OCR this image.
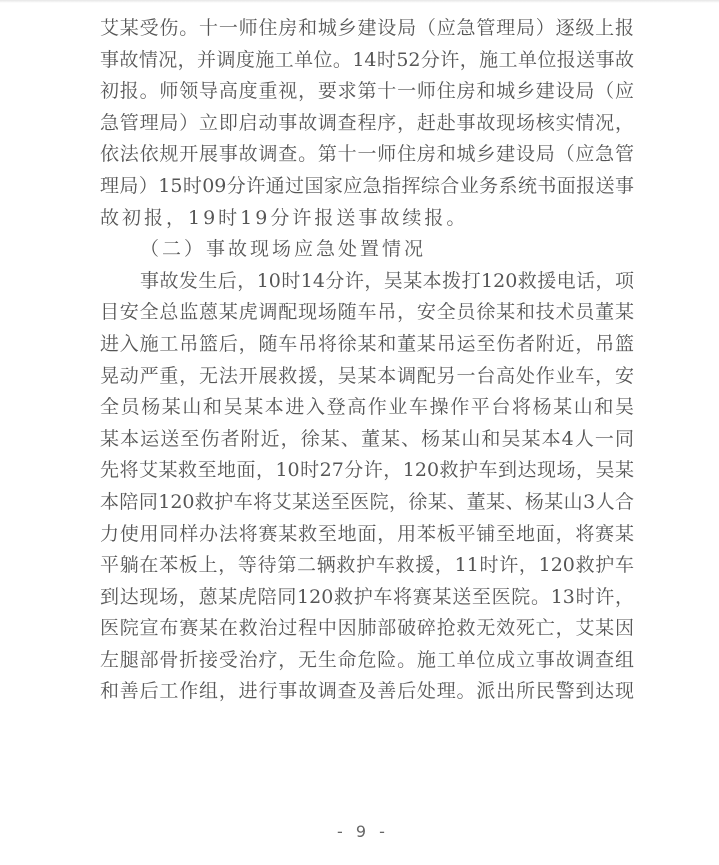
艾某受伤。十一师住房和城乡建设局（应急管理局）逐级上报
事故情况，并调度施工单位。14时52分许，施工单位报送事故
初报。师领导高度重视，要求第十一师住房和城乡建设局（应
急管理局）立即启动事故调查程序，赶赴事故现场核实情况，
依法依规开展事故调查。第十一师住房和城乡建设局（应急管
理局）15时09分许通过国家应急指挥综合业务系统书面报送事
故初报，19时19分许报送事故续报。
（二）事故现场应急处置情况
事故发生后，10时14分许，吴某本拨打120救援电话，项
目安全总监蒽某虎调配现场随车吊，安全员徐某和技术员董某
进入施工吊篮后，随车吊将徐某和董某吊运至伤者附近，吊篮
晃动严重，无法开展救援，吴某本调配另一台高处作业车，安
全员杨某山和吴某本进入登高作业车操作平台将杨某山和吴
某本运送至伤者附近，徐某、董某、杨某山和吴某本4人一同
先将艾某救至地面，10时27分许，120救护车到达现场，吴某
本陪同120救护车将艾某送至医院，徐某、董某、杨某山3人合
力使用同样办法将赛某救至地面，用苯板平铺至地面，将赛某
平躺在苯板上，等待第二辆救护车救援，11时许，120救护车
到达现场，蒽某虎陪同120救护车将赛某送至医院。13时许，
医院宣布赛某在救治过程中因肺部破碎抢救无效死亡，艾某因
左腿部骨折接受治疗，无生命危险。施工单位成立事故调查组
和善后工作组，进行事故调查及善后处理。派出所民警到达现
- 9 -
